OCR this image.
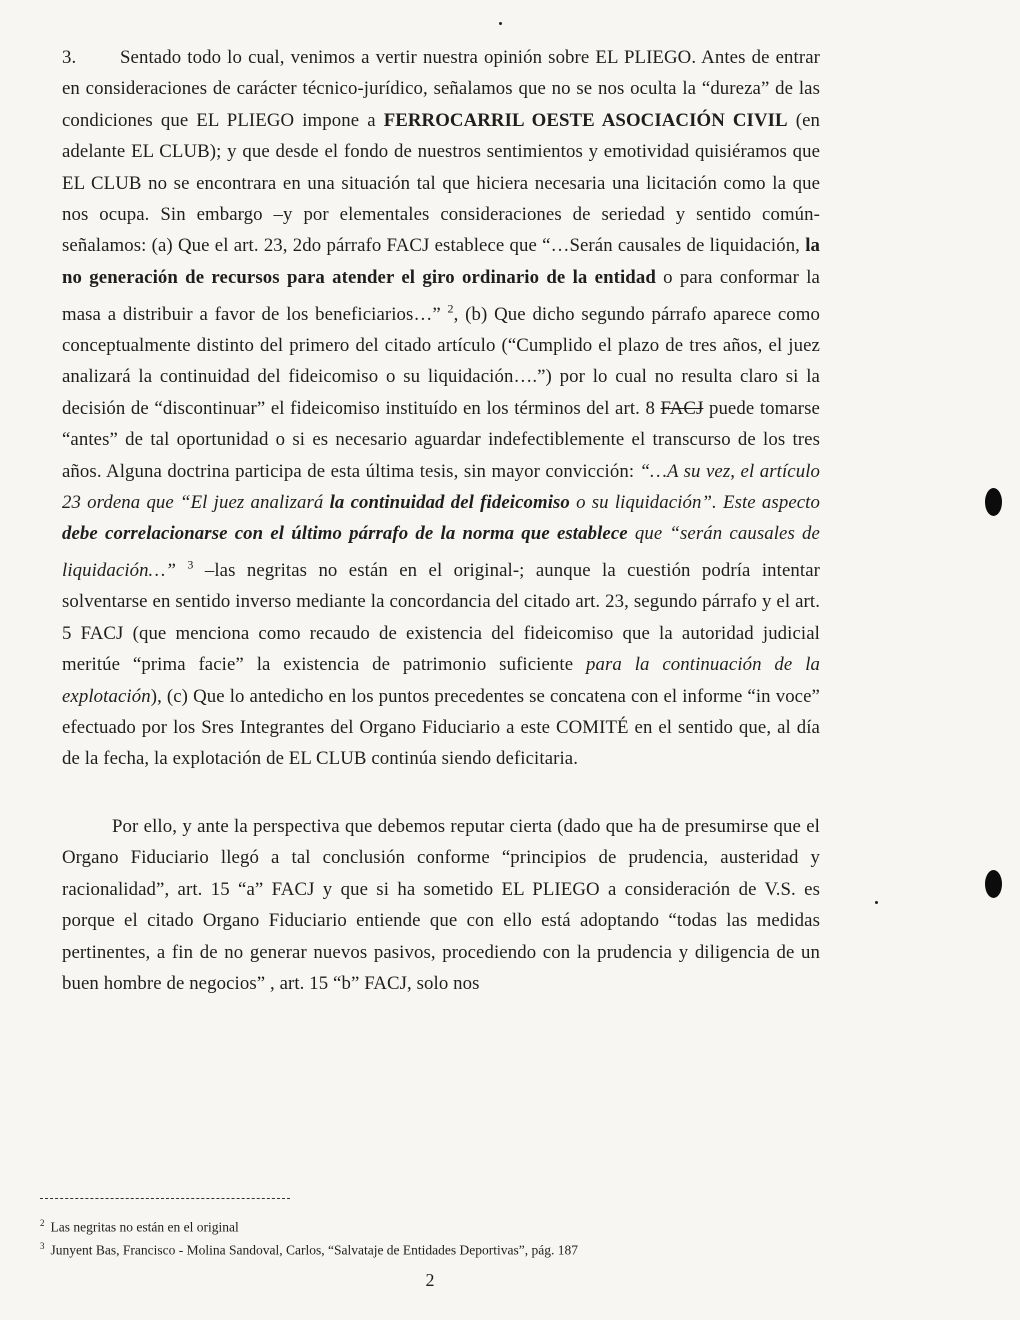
3. Sentado todo lo cual, venimos a vertir nuestra opinión sobre EL PLIEGO. Antes de entrar en consideraciones de carácter técnico-jurídico, señalamos que no se nos oculta la “dureza” de las condiciones que EL PLIEGO impone a FERROCARRIL OESTE ASOCIACIÓN CIVIL (en adelante EL CLUB); y que desde el fondo de nuestros sentimientos y emotividad quisiéramos que EL CLUB no se encontrara en una situación tal que hiciera necesaria una licitación como la que nos ocupa. Sin embargo –y por elementales consideraciones de seriedad y sentido común- señalamos: (a) Que el art. 23, 2do párrafo FACJ establece que “…Serán causales de liquidación, la no generación de recursos para atender el giro ordinario de la entidad o para conformar la masa a distribuir a favor de los beneficiarios…” $^2$, (b) Que dicho segundo párrafo aparece como conceptualmente distinto del primero del citado artículo (“Cumplido el plazo de tres años, el juez analizará la continuidad del fideicomiso o su liquidación….”) por lo cual no resulta claro si la decisión de “discontinuar” el fideicomiso instituído en los términos del art. 8 FACJ puede tomarse “antes” de tal oportunidad o si es necesario aguardar indefectiblemente el transcurso de los tres años. Alguna doctrina participa de esta última tesis, sin mayor convicción: “…A su vez, el artículo 23 ordena que “El juez analizará la continuidad del fideicomiso o su liquidación”. Este aspecto debe correlacionarse con el último párrafo de la norma que establece que “serán causales de liquidación…” $^3$ –las negritas no están en el original-; aunque la cuestión podría intentar solventarse en sentido inverso mediante la concordancia del citado art. 23, segundo párrafo y el art. 5 FACJ (que menciona como recaudo de existencia del fideicomiso que la autoridad judicial meritúe “prima facie” la existencia de patrimonio suficiente para la continuación de la explotación), (c) Que lo antedicho en los puntos precedentes se concatena con el informe “in voce” efectuado por los Sres Integrantes del Organo Fiduciario a este COMITÉ en el sentido que, al día de la fecha, la explotación de EL CLUB continúa siendo deficitaria.

Por ello, y ante la perspectiva que debemos reputar cierta (dado que ha de presumirse que el Organo Fiduciario llegó a tal conclusión conforme “principios de prudencia, austeridad y racionalidad”, art. 15 “a” FACJ y que si ha sometido EL PLIEGO a consideración de V.S. es porque el citado Organo Fiduciario entiende que con ello está adoptando “todas las medidas pertinentes, a fin de no generar nuevos pasivos, procediendo con la prudencia y diligencia de un buen hombre de negocios” , art. 15 “b” FACJ, solo nos

$^2$ Las negritas no están en el original

$^3$ Junyent Bas, Francisco - Molina Sandoval, Carlos, “Salvataje de Entidades Deportivas”, pág. 187

2
